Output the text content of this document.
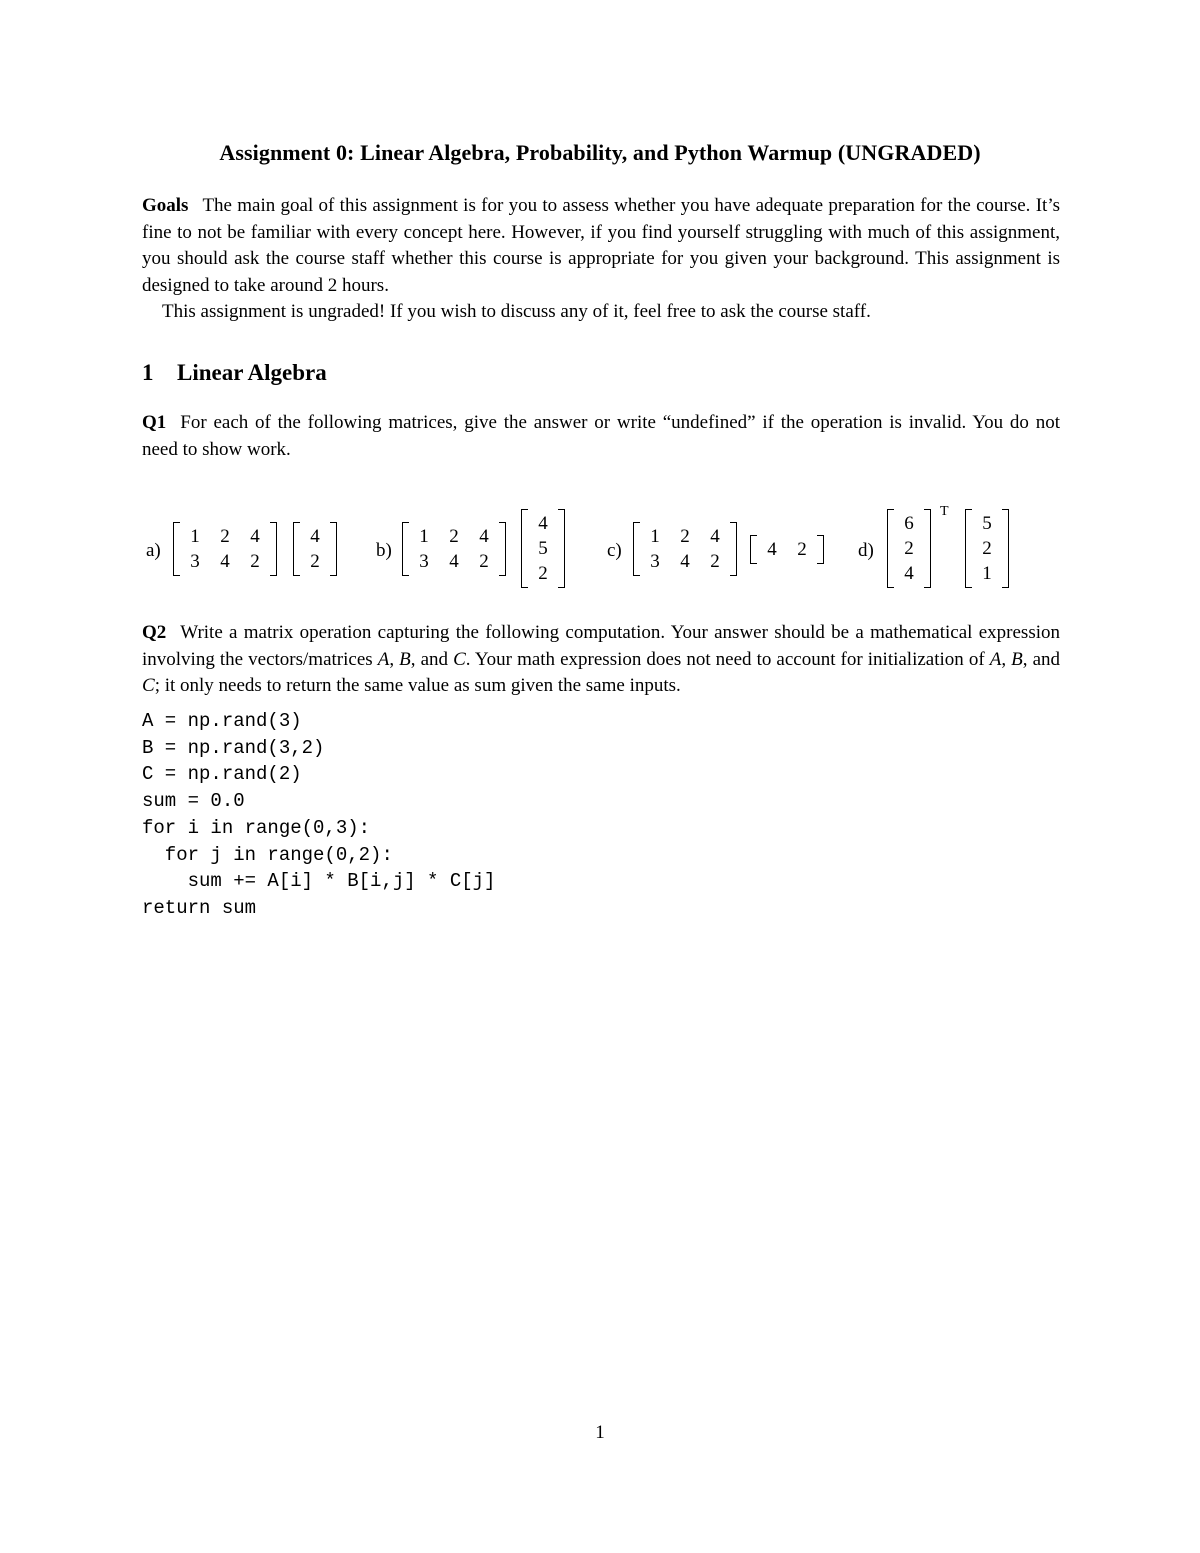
Assignment 0: Linear Algebra, Probability, and Python Warmup (UNGRADED)
Goals The main goal of this assignment is for you to assess whether you have adequate preparation for the course. It’s fine to not be familiar with every concept here. However, if you find yourself struggling with much of this assignment, you should ask the course staff whether this course is appropriate for you given your background. This assignment is designed to take around 2 hours.
This assignment is ungraded! If you wish to discuss any of it, feel free to ask the course staff.
1 Linear Algebra
Q1 For each of the following matrices, give the answer or write “undefined” if the operation is invalid. You do not need to show work.
a)
1	2	4
3	4	2
4
2
b)
1	2	4
3	4	2
4
5
2
c)
1	2	4
3	4	2
4	2	d)
6
2
4
T
5
2
1
Q2 Write a matrix operation capturing the following computation. Your answer should be a mathematical expression involving the vectors/matrices A, B, and C. Your math expression does not need to account for initialization of A, B, and C; it only needs to return the same value as sum given the same inputs.
A = np.rand(3)
B = np.rand(3,2)
C = np.rand(2)
sum = 0.0
for i in range(0,3):
for j in range(0,2):
sum += A[i] * B[i,j] * C[j]
return sum
1
